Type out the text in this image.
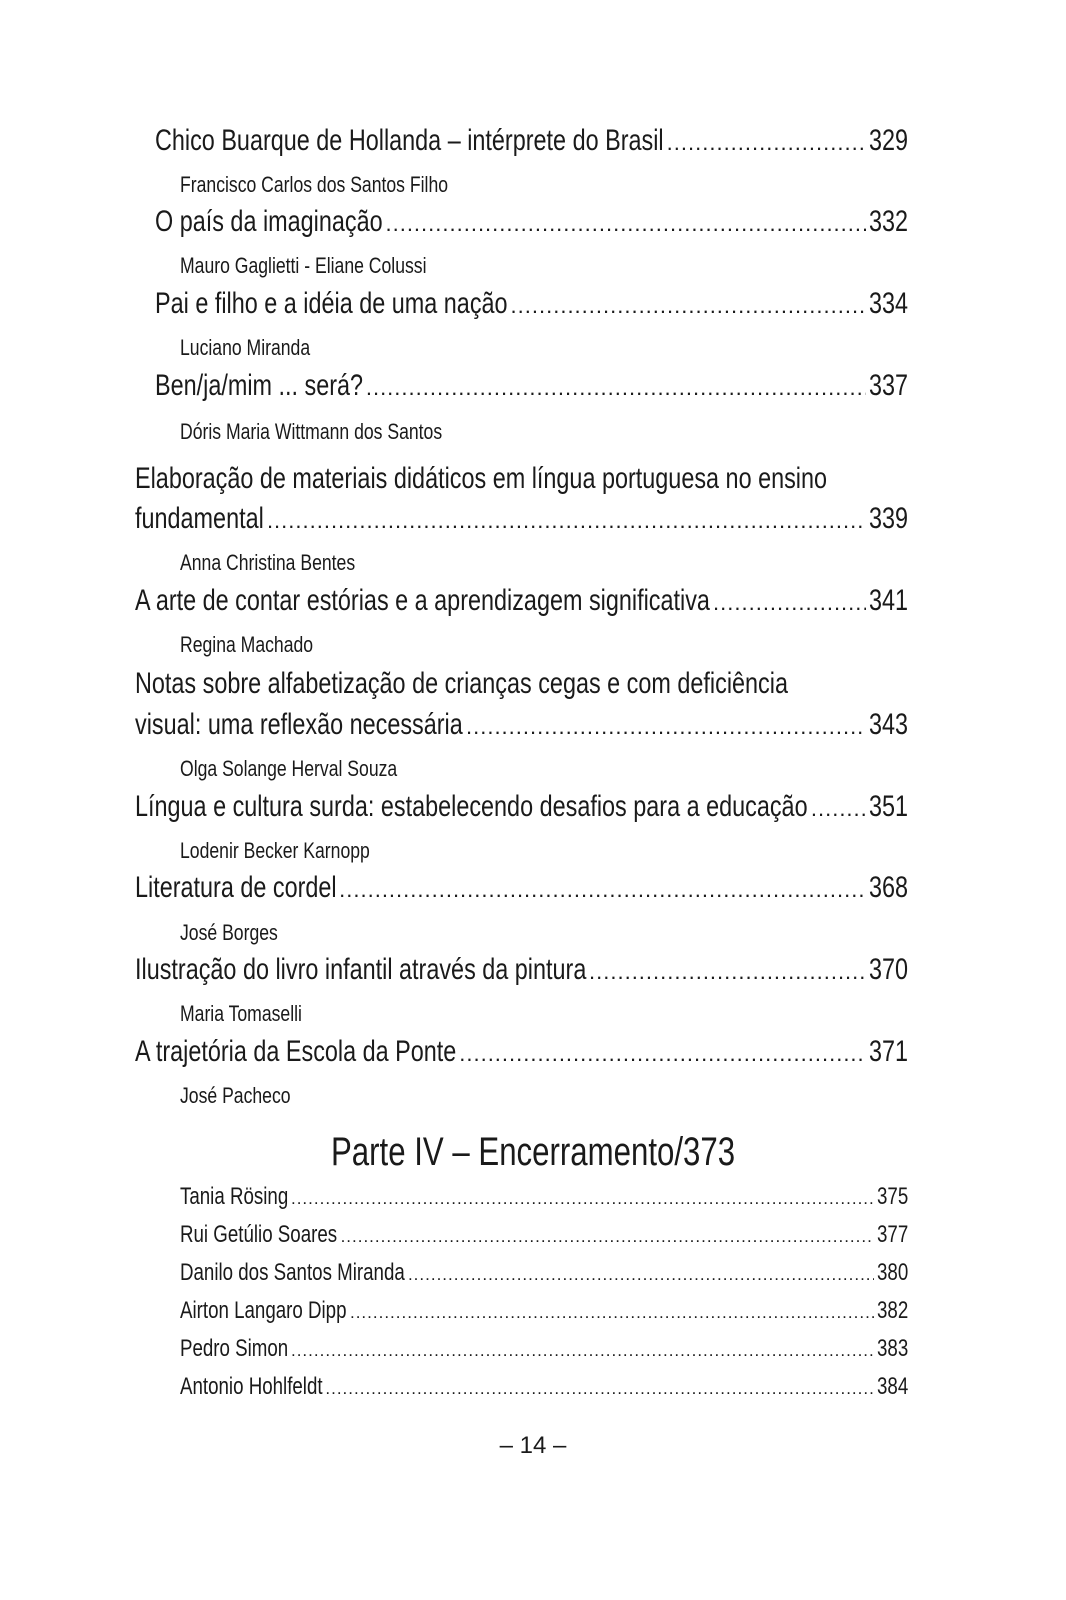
Chico Buarque de Hollanda – intérprete do Brasil .....	329
Francisco Carlos dos Santos Filho
O país da imaginação .....	332
Mauro Gaglietti - Eliane Colussi
Pai e filho e a idéia de uma nação .....	334
Luciano Miranda
Ben/ja/mim ... será? .....	337
Dóris Maria Wittmann dos Santos
Elaboração de materiais didáticos em língua portuguesa no ensino
fundamental .....	339
Anna Christina Bentes
A arte de contar estórias e a aprendizagem significativa .....	341
Regina Machado
Notas sobre alfabetização de crianças cegas e com deficiência
visual: uma reflexão necessária .....	343
Olga Solange Herval Souza
Língua e cultura surda: estabelecendo desafios para a educação ..... 351
Lodenir Becker Karnopp
Literatura de cordel .....	368
José Borges
Ilustração do livro infantil através da pintura .....	370
Maria Tomaselli
A trajetória da Escola da Ponte .....	371
José Pacheco
Parte IV – Encerramento/373
Tania Rösing .....	375
Rui Getúlio Soares .....	377
Danilo dos Santos Miranda .....	380
Airton Langaro Dipp .....	382
Pedro Simon .....	383
Antonio Hohlfeldt .....	384
– 14 –
